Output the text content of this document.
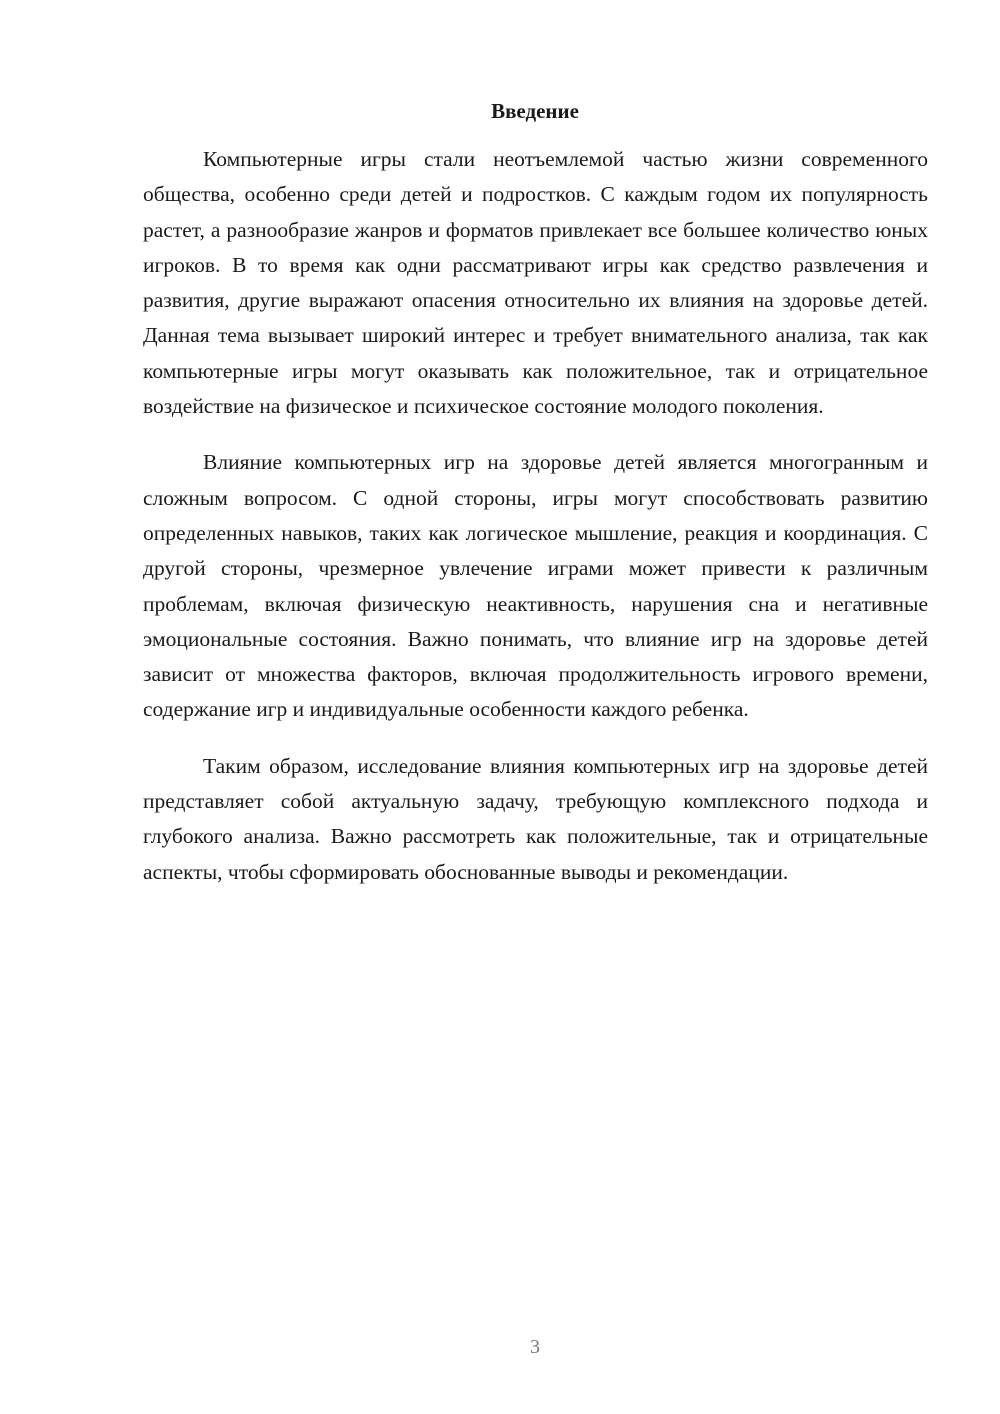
Введение

Компьютерные игры стали неотъемлемой частью жизни современного общества, особенно среди детей и подростков. С каждым годом их популярность растет, а разнообразие жанров и форматов привлекает все большее количество юных игроков. В то время как одни рассматривают игры как средство развлечения и развития, другие выражают опасения относительно их влияния на здоровье детей. Данная тема вызывает широкий интерес и требует внимательного анализа, так как компьютерные игры могут оказывать как положительное, так и отрицательное воздействие на физическое и психическое состояние молодого поколения.

Влияние компьютерных игр на здоровье детей является многогранным и сложным вопросом. С одной стороны, игры могут способствовать развитию определенных навыков, таких как логическое мышление, реакция и координация. С другой стороны, чрезмерное увлечение играми может привести к различным проблемам, включая физическую неактивность, нарушения сна и негативные эмоциональные состояния. Важно понимать, что влияние игр на здоровье детей зависит от множества факторов, включая продолжительность игрового времени, содержание игр и индивидуальные особенности каждого ребенка.

Таким образом, исследование влияния компьютерных игр на здоровье детей представляет собой актуальную задачу, требующую комплексного подхода и глубокого анализа. Важно рассмотреть как положительные, так и отрицательные аспекты, чтобы сформировать обоснованные выводы и рекомендации.

3
